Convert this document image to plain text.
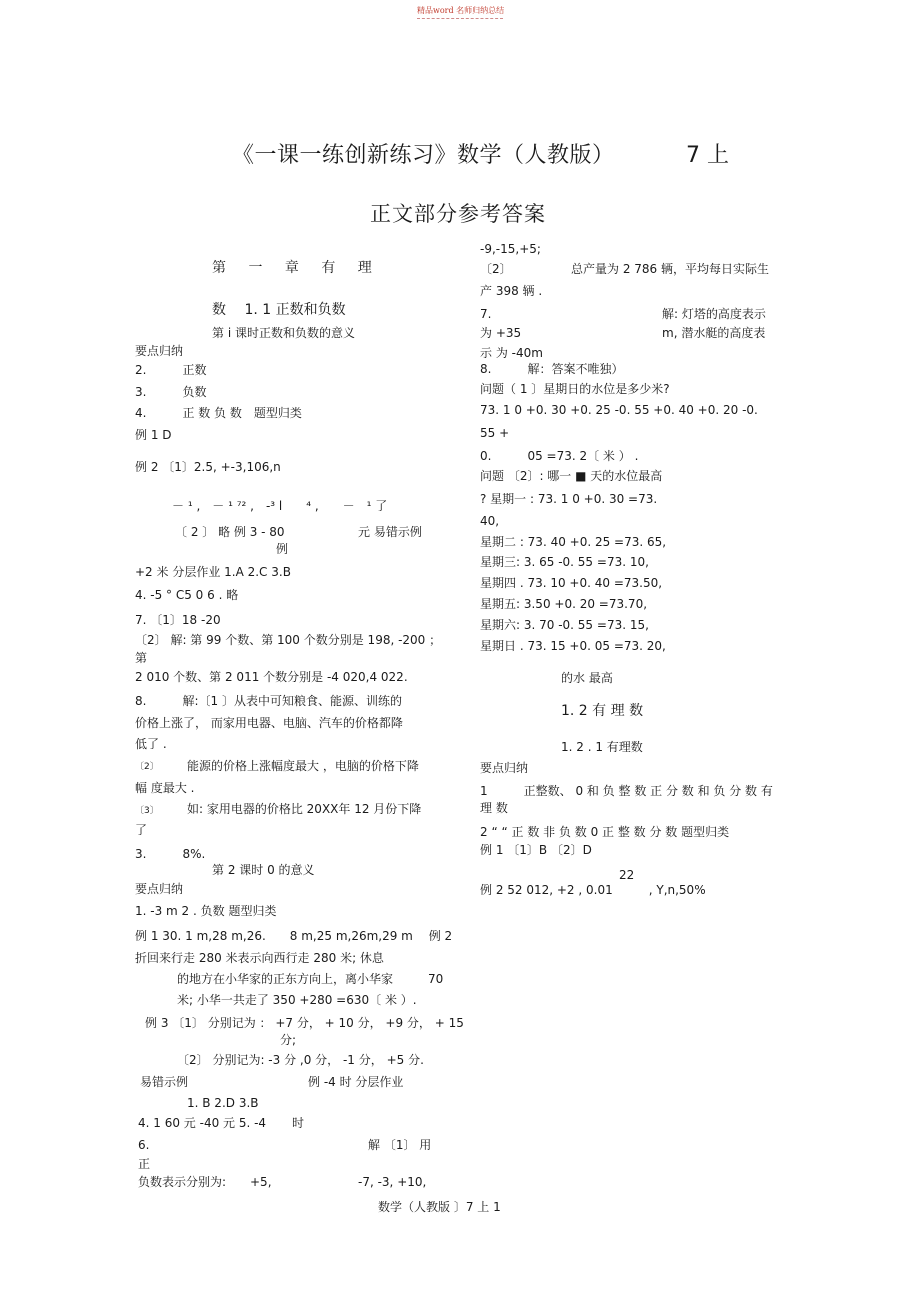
精品word 名师归纳总结
《一课一练创新练习》数学（人教版）	7 上
正文部分参考答案
第 一 章 有 理
数　 1. 1 正数和负数
第 i 课时正数和负数的意义
要点归纳
2.　　　正数
3.　　　负数
4.　　　正 数 负 数　题型归类
例 1 D
例 2 〔1〕2.5, +-3,106,n
－ ¹ ,　－ ¹ ⁷² ,　-³ l　　⁴ ,　　－　¹ 了
〔 2 〕 略 例 3 - 80	元 易错示例
例
+2 米 分层作业 1.A 2.C 3.B
4. -5 ° C5 0 6 . 略
7. 〔1〕18 -20
〔2〕 解: 第 99 个数、第 100 个数分别是 198, -200 ；
第
2 010 个数、第 2 011 个数分别是 -4 020,4 022.
8.　　　解:〔1 〕从表中可知粮食、能源、训练的
价格上涨了， 而家用电器、电脑、汽车的价格都降
低了 .
〔2〕 能源的价格上涨幅度最大 ，电脑的价格下降
幅 度最大 .
〔3〕 如: 家用电器的价格比 20XX年 12 月份下降
了
3.　　　8%.
第 2 课时 0 的意义
要点归纳
1. -3 m 2 . 负数 题型归类
例 1 30. 1 m,28 m,26.　　8 m,25 m,26m,29 m　 例 2
折回来行走 280 米表示向西行走 280 米; 休息
的地方在小华家的正东方向上，离小华家	70
米; 小华一共走了 350 +280 =630〔 米 ）.
例 3 〔1〕 分别记为 ： +7 分， + 10 分， +9 分， + 15
分;
〔2〕 分别记为: -3 分 ,0 分， -1 分， +5 分.
易错示例	例 -4 时 分层作业
1. B 2.D 3.B
4. 1 60 元 -40 元 5. -4 时
6.	解 〔1〕 用
正
负数表示分别为: +5,	-7, -3, +10,
-9,-15,+5;
〔2〕	总产量为 2 786 辆，平均每日实际生
产 398 辆 .
7.	解: 灯塔的高度表示
为 +35	m, 潜水艇的高度表
示 为 -40m
8.　　　解：答案不唯独）
问题（ 1 〕星期日的水位是多少米?
73. 1 0 +0. 30 +0. 25 -0. 55 +0. 40 +0. 20 -0.
55 +
0.　　　05 =73. 2〔 米 ） .
问题 〔2〕: 哪一 ■ 天的水位最高
? 星期一 : 73. 1 0 +0. 30 =73.
40,
星期二 : 73. 40 +0. 25 =73. 65,
星期三: 3. 65 -0. 55 =73. 10,
星期四 . 73. 10 +0. 40 =73.50,
星期五: 3.50 +0. 20 =73.70,
星期六: 3. 70 -0. 55 =73. 15,
星期日 . 73. 15 +0. 05 =73. 20,
的水 最高
1. 2 有 理 数
1. 2 . 1 有理数
要点归纳
1　　　正整数、 0 和 负 整 数 正 分 数 和 负 分 数 有
理 数
2 “ “ 正 数 非 负 数 0 正 整 数 分 数 题型归类
例 1 〔1〕B 〔2〕D
22
例 2 52 012, +2 , 0.01　　　, Y,n,50%
数学（人教版 〕7 上 1
